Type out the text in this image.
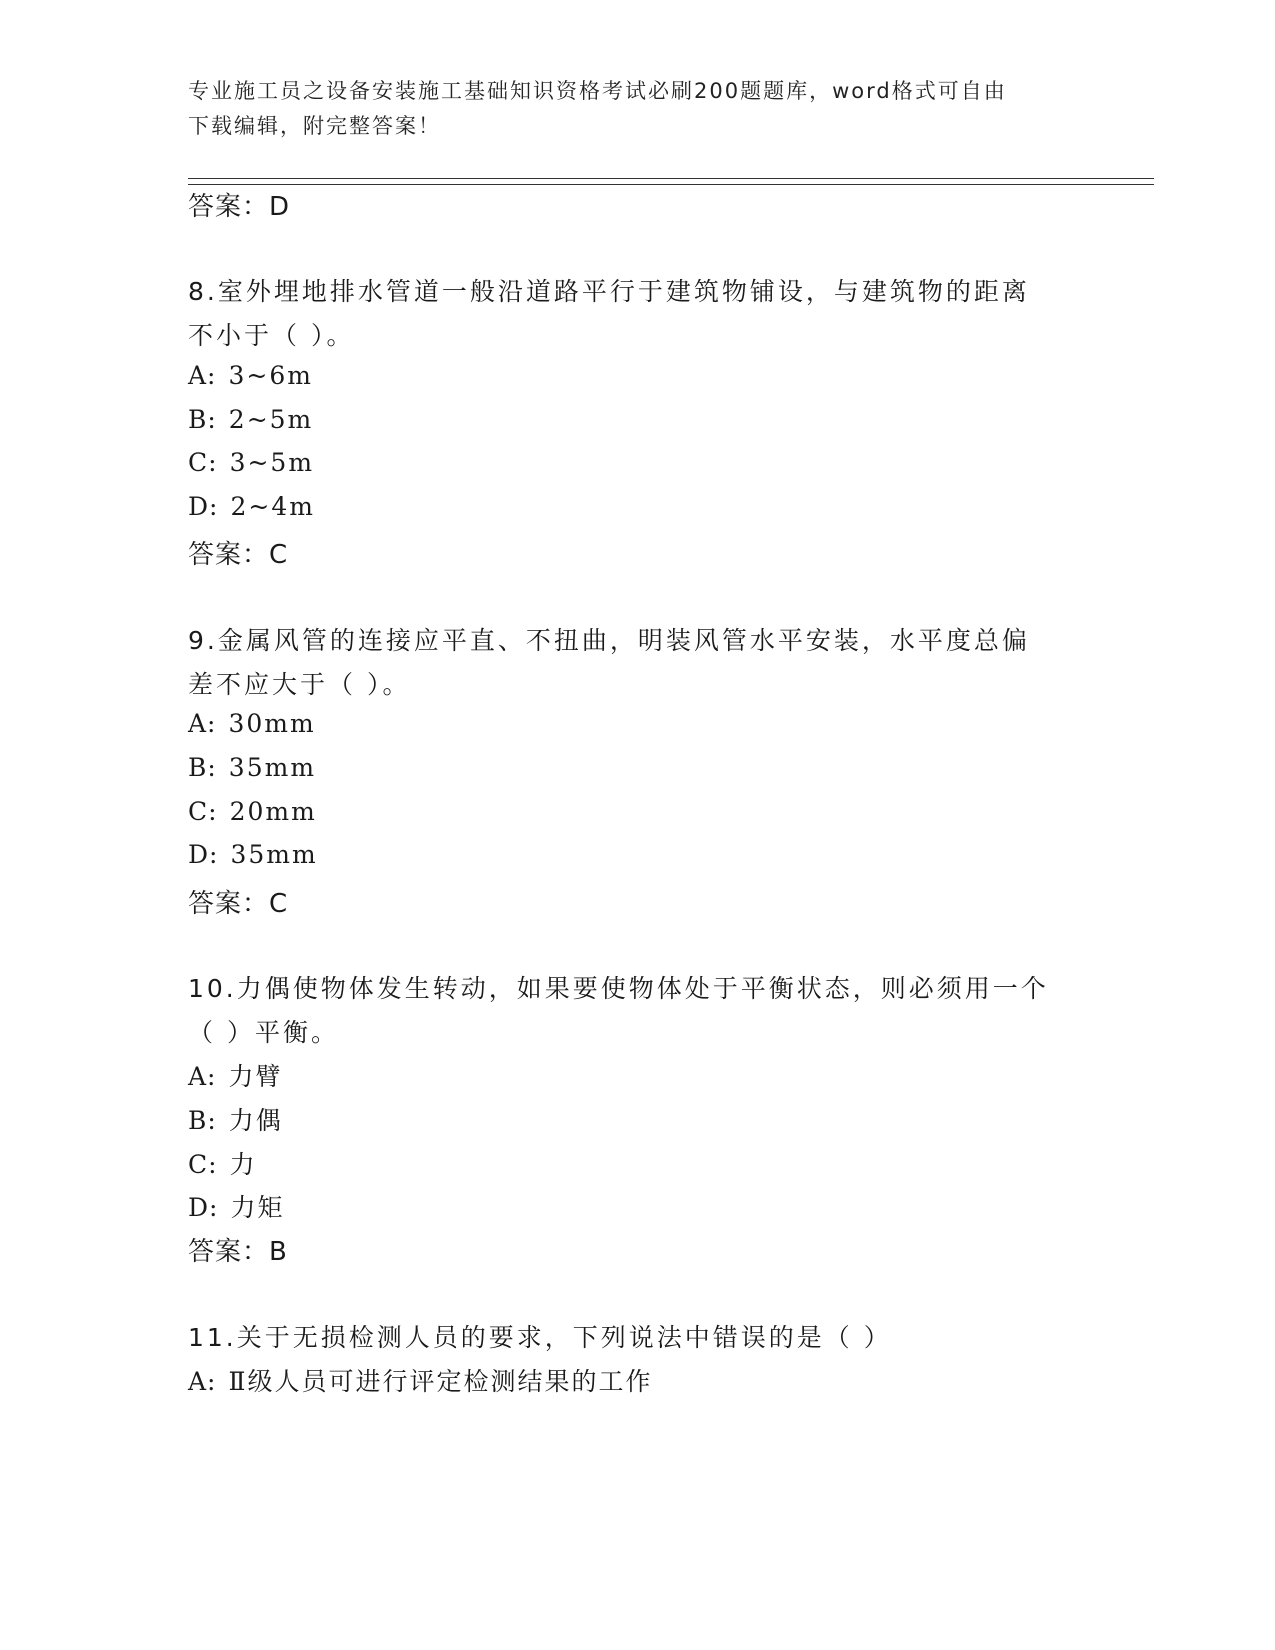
专业施工员之设备安装施工基础知识资格考试必刷200题题库，word格式可自由
下载编辑，附完整答案！
答案：D
8.室外埋地排水管道一般沿道路平行于建筑物铺设，与建筑物的距离
不小于（ ）。
A: 3~6m
B: 2~5m
C: 3~5m
D: 2~4m
答案：C
9.金属风管的连接应平直、不扭曲，明装风管水平安装，水平度总偏
差不应大于（ ）。
A: 30mm
B: 35mm
C: 20mm
D: 35mm
答案：C
10.力偶使物体发生转动，如果要使物体处于平衡状态，则必须用一个
（ ）平衡。
A: 力臂
B: 力偶
C: 力
D: 力矩
答案：B
11.关于无损检测人员的要求，下列说法中错误的是（ ）
A: Ⅱ级人员可进行评定检测结果的工作
